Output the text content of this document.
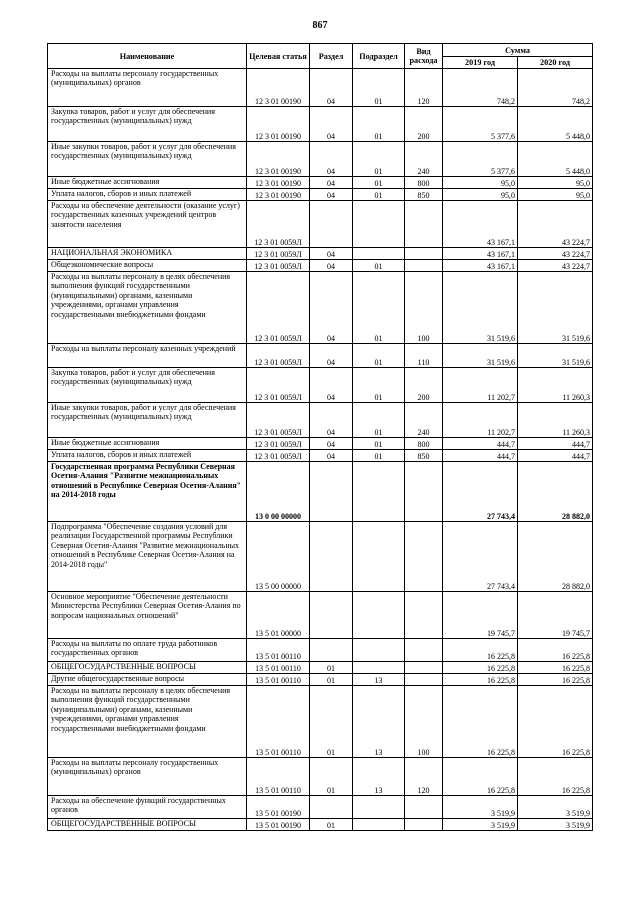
867
Наименование	Целевая статья	Раздел	Подраздел	Вид расхода	Сумма	
					2019 год	2020 год
Расходы на выплаты персоналу государственных (муниципальных) органов	12 3 01 00190	04	01	120	748,2	748,2
Закупка товаров, работ и услуг для обеспечения государственных (муниципальных) нужд	12 3 01 00190	04	01	200	5 377,6	5 448,0
Иные закупки товаров, работ и услуг для обеспечения государственных (муниципальных) нужд	12 3 01 00190	04	01	240	5 377,6	5 448,0
Иные бюджетные ассигнования	12 3 01 00190	04	01	800	95,0	95,0
Уплата налогов, сборов и иных платежей	12 3 01 00190	04	01	850	95,0	95,0
Расходы на обеспечение деятельности (оказание услуг) государственных казенных учреждений центров занятости населения	12 3 01 0059Л				43 167,1	43 224,7
НАЦИОНАЛЬНАЯ ЭКОНОМИКА	12 3 01 0059Л	04			43 167,1	43 224,7
Общеэкономические вопросы	12 3 01 0059Л	04	01		43 167,1	43 224,7
Расходы на выплаты персоналу в целях обеспечения выполнения функций государственными (муниципальными) органами, казенными учреждениями, органами управления государственными внебюджетными фондами	12 3 01 0059Л	04	01	100	31 519,6	31 519,6
Расходы на выплаты персоналу казенных учреждений	12 3 01 0059Л	04	01	110	31 519,6	31 519,6
Закупка товаров, работ и услуг для обеспечения государственных (муниципальных) нужд	12 3 01 0059Л	04	01	200	11 202,7	11 260,3
Иные закупки товаров, работ и услуг для обеспечения государственных (муниципальных) нужд	12 3 01 0059Л	04	01	240	11 202,7	11 260,3
Иные бюджетные ассигнования	12 3 01 0059Л	04	01	800	444,7	444,7
Уплата налогов, сборов и иных платежей	12 3 01 0059Л	04	01	850	444,7	444,7
Государственная программа Республики Северная Осетия-Алания "Развитие межнациональных отношений в Республике Северная Осетия-Алания" на 2014-2018 годы	13 0 00 00000				27 743,4	28 882,0
Подпрограмма "Обеспечение создания условий для реализации Государственной программы Республики Северная Осетия-Алания "Развитие межнациональных отношений в Республике Северная Осетия-Алания на 2014-2018 годы"	13 5 00 00000				27 743,4	28 882,0
Основное мероприятие "Обеспечение деятельности Министерства Республики Северная Осетия-Алания по вопросам национальных отношений"	13 5 01 00000				19 745,7	19 745,7
Расходы на выплаты по оплате труда работников государственных органов	13 5 01 00110				16 225,8	16 225,8
ОБЩЕГОСУДАРСТВЕННЫЕ ВОПРОСЫ	13 5 01 00110	01			16 225,8	16 225,8
Другие общегосударственные вопросы	13 5 01 00110	01	13		16 225,8	16 225,8
Расходы на выплаты персоналу в целях обеспечения выполнения функций государственными (муниципальными) органами, казенными учреждениями, органами управления государственными внебюджетными фондами	13 5 01 00110	01	13	100	16 225,8	16 225,8
Расходы на выплаты персоналу государственных (муниципальных) органов	13 5 01 00110	01	13	120	16 225,8	16 225,8
Расходы на обеспечение функций государственных органов	13 5 01 00190				3 519,9	3 519,9
ОБЩЕГОСУДАРСТВЕННЫЕ ВОПРОСЫ	13 5 01 00190	01			3 519,9	3 519,9
